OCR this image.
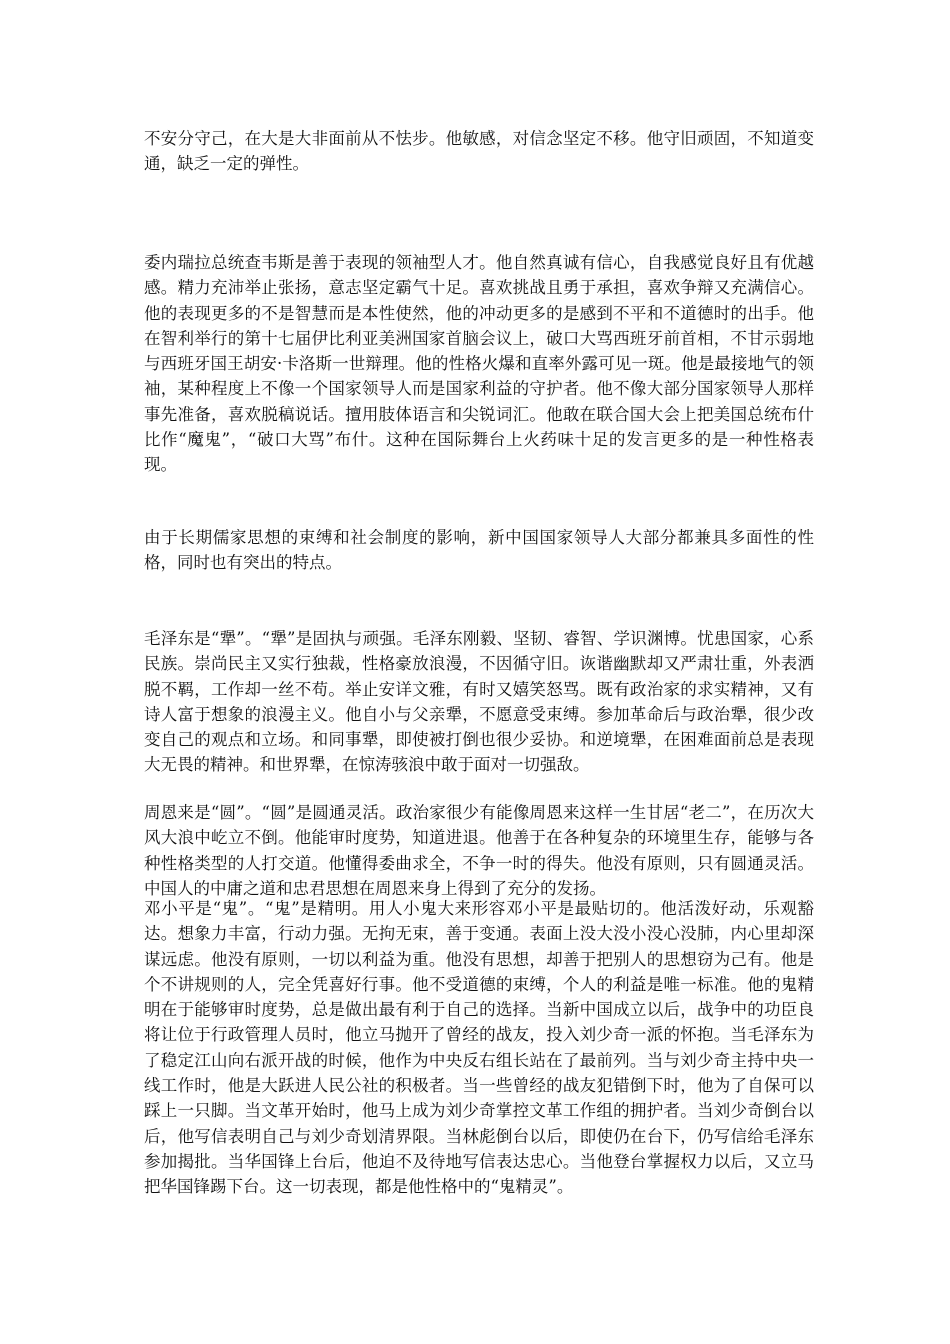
不安分守己，在大是大非面前从不怯步。他敏感，对信念坚定不移。他守旧顽固，不知道变通，缺乏一定的弹性。

委内瑞拉总统查韦斯是善于表现的领袖型人才。他自然真诚有信心，自我感觉良好且有优越感。精力充沛举止张扬，意志坚定霸气十足。喜欢挑战且勇于承担，喜欢争辩又充满信心。他的表现更多的不是智慧而是本性使然，他的冲动更多的是感到不平和不道德时的出手。他在智利举行的第十七届伊比利亚美洲国家首脑会议上，破口大骂西班牙前首相，不甘示弱地与西班牙国王胡安·卡洛斯一世辩理。他的性格火爆和直率外露可见一斑。他是最接地气的领袖，某种程度上不像一个国家领导人而是国家利益的守护者。他不像大部分国家领导人那样事先准备，喜欢脱稿说话。擅用肢体语言和尖锐词汇。他敢在联合国大会上把美国总统布什比作“魔鬼”，“破口大骂”布什。这种在国际舞台上火药味十足的发言更多的是一种性格表现。

由于长期儒家思想的束缚和社会制度的影响，新中国国家领导人大部分都兼具多面性的性格，同时也有突出的特点。

毛泽东是“犟”。“犟”是固执与顽强。毛泽东刚毅、坚韧、睿智、学识渊博。忧患国家，心系民族。崇尚民主又实行独裁，性格豪放浪漫，不因循守旧。诙谐幽默却又严肃壮重，外表洒脱不羁，工作却一丝不苟。举止安详文雅，有时又嬉笑怒骂。既有政治家的求实精神，又有诗人富于想象的浪漫主义。他自小与父亲犟，不愿意受束缚。参加革命后与政治犟，很少改变自己的观点和立场。和同事犟，即使被打倒也很少妥协。和逆境犟，在困难面前总是表现大无畏的精神。和世界犟，在惊涛骇浪中敢于面对一切强敌。

周恩来是“圆”。“圆”是圆通灵活。政治家很少有能像周恩来这样一生甘居“老二”，在历次大风大浪中屹立不倒。他能审时度势，知道进退。他善于在各种复杂的环境里生存，能够与各种性格类型的人打交道。他懂得委曲求全，不争一时的得失。他没有原则，只有圆通灵活。中国人的中庸之道和忠君思想在周恩来身上得到了充分的发扬。

邓小平是“鬼”。“鬼”是精明。用人小鬼大来形容邓小平是最贴切的。他活泼好动，乐观豁达。想象力丰富，行动力强。无拘无束，善于变通。表面上没大没小没心没肺，内心里却深谋远虑。他没有原则，一切以利益为重。他没有思想，却善于把别人的思想窃为己有。他是个不讲规则的人，完全凭喜好行事。他不受道德的束缚，个人的利益是唯一标准。他的鬼精明在于能够审时度势，总是做出最有利于自己的选择。当新中国成立以后，战争中的功臣良将让位于行政管理人员时，他立马抛开了曾经的战友，投入刘少奇一派的怀抱。当毛泽东为了稳定江山向右派开战的时候，他作为中央反右组长站在了最前列。当与刘少奇主持中央一线工作时，他是大跃进人民公社的积极者。当一些曾经的战友犯错倒下时，他为了自保可以踩上一只脚。当文革开始时，他马上成为刘少奇掌控文革工作组的拥护者。当刘少奇倒台以后，他写信表明自己与刘少奇划清界限。当林彪倒台以后，即使仍在台下，仍写信给毛泽东参加揭批。当华国锋上台后，他迫不及待地写信表达忠心。当他登台掌握权力以后，又立马把华国锋踢下台。这一切表现，都是他性格中的“鬼精灵”。
